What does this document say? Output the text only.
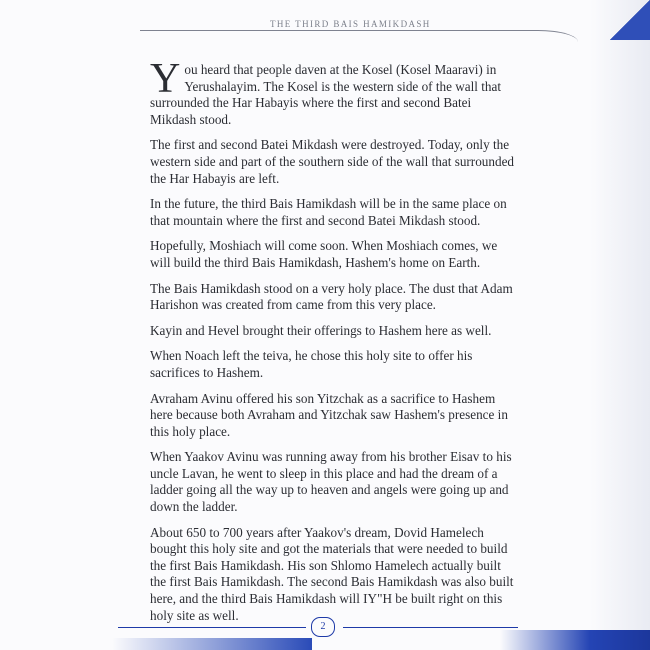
THE THIRD BAIS HAMIKDASH

Y ou heard that people daven at the Kosel (Kosel Maaravi) in Yerushalayim. The Kosel is the western side of the wall that surrounded the Har Habayis where the first and second Batei Mikdash stood.

The first and second Batei Mikdash were destroyed. Today, only the western side and part of the southern side of the wall that surrounded the Har Habayis are left.

In the future, the third Bais Hamikdash will be in the same place on that mountain where the first and second Batei Mikdash stood.

Hopefully, Moshiach will come soon. When Moshiach comes, we will build the third Bais Hamikdash, Hashem's home on Earth.

The Bais Hamikdash stood on a very holy place. The dust that Adam Harishon was created from came from this very place.

Kayin and Hevel brought their offerings to Hashem here as well.

When Noach left the teiva, he chose this holy site to offer his sacrifices to Hashem.

Avraham Avinu offered his son Yitzchak as a sacrifice to Hashem here because both Avraham and Yitzchak saw Hashem's presence in this holy place.

When Yaakov Avinu was running away from his brother Eisav to his uncle Lavan, he went to sleep in this place and had the dream of a ladder going all the way up to heaven and angels were going up and down the ladder.

About 650 to 700 years after Yaakov's dream, Dovid Hamelech bought this holy site and got the materials that were needed to build the first Bais Hamikdash. His son Shlomo Hamelech actually built the first Bais Hamikdash. The second Bais Hamikdash was also built here, and the third Bais Hamikdash will IY"H be built right on this holy site as well.

2
